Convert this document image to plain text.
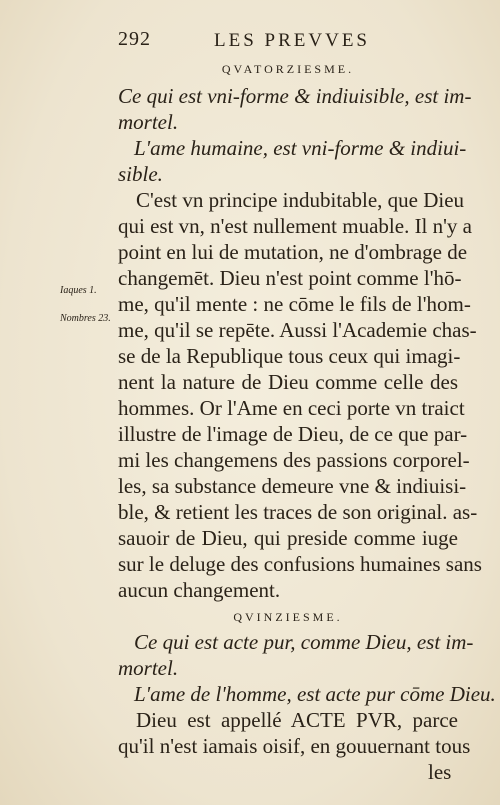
292	LES PREVVES
QVATORZIESME.
Ce qui est vni-forme & indiuisible, est im-
mortel.
L'ame humaine, est vni-forme & indiui-
sible.
C'est vn principe indubitable, que Dieu
qui est vn, n'est nullement muable. Il n'y a
point en lui de mutation, ne d'ombrage de
changemēt. Dieu n'est point comme l'hō-
me, qu'il mente : ne cōme le fils de l'hom-
me, qu'il se repēte. Aussi l'Academie chas-
se de la Republique tous ceux qui imagi-
nent la nature de Dieu comme celle des
hommes. Or l'Ame en ceci porte vn traict
illustre de l'image de Dieu, de ce que par-
mi les changemens des passions corporel-
les, sa substance demeure vne & indiuisi-
ble, & retient les traces de son original. as-
sauoir de Dieu, qui preside comme iuge
sur le deluge des confusions humaines sans
aucun changement.
Iaques 1.
Nombres 23.
QVINZIESME.
Ce qui est acte pur, comme Dieu, est im-
mortel.
L'ame de l'homme, est acte pur cōme Dieu.
Dieu est appellé ACTE PVR, parce
qu'il n'est iamais oisif, en gouuernant tous
les
